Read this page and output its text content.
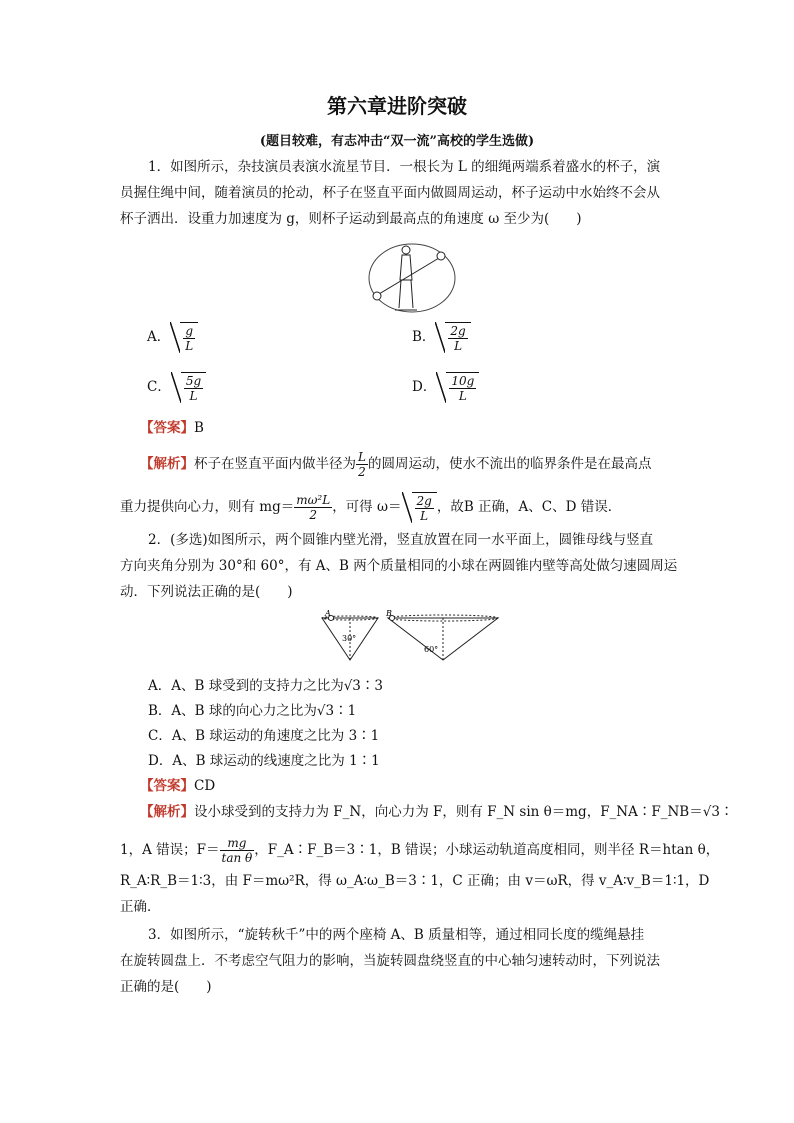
第六章进阶突破
(题目较难，有志冲击“双一流”高校的学生选做)
1．如图所示，杂技演员表演水流星节目．一根长为 L 的细绳两端系着盛水的杯子，演
员握住绳中间，随着演员的抡动，杯子在竖直平面内做圆周运动，杯子运动中水始终不会从
杯子洒出．设重力加速度为 g，则杯子运动到最高点的角速度 ω 至少为(　　)
A． $\frac{g}{L}$	B． $\frac{2g}{L}$
C． $\frac{5g}{L}$	D． $\frac{10g}{L}$
【答案】B
【解析】杯子在竖直平面内做半径为 $\frac{L}{2}$ 的圆周运动，使水不流出的临界条件是在最高点
重力提供向心力，则有 $mg= \frac{\text{mω²L}}{2}$ ，可得 $\omega= \frac{2g}{L}$ ，故B 正确，A、C、D 错误．
2．(多选)如图所示，两个圆锥内壁光滑，竖直放置在同一水平面上，圆锥母线与竖直
方向夹角分别为 30°和 60°，有 A、B 两个质量相同的小球在两圆锥内壁等高处做匀速圆周运
动．下列说法正确的是(　　)
A
30°
B
60°
A．A、B 球受到的支持力之比为√3∶3
B．A、B 球的向心力之比为√3∶1
C．A、B 球运动的角速度之比为 3∶1
D．A、B 球运动的线速度之比为 1∶1
【答案】CD
【解析】设小球受到的支持力为 F_N，向心力为 F，则有 F_N sin θ＝mg，F_NA∶F_NB＝√3∶
1，A 错误；$F= \frac{mg}{\text{tan θ}}$ ，F_A∶F_B＝3∶1，B 错误；小球运动轨道高度相同，则半径 R＝htan θ，
R_A∶R_B＝1∶3，由 F＝mω²R，得 ω_A∶ω_B＝3∶1，C 正确；由 v＝ωR，得 v_A∶v_B＝1∶1，D
正确．
3．如图所示，“旋转秋千”中的两个座椅 A、B 质量相等，通过相同长度的缆绳悬挂
在旋转圆盘上．不考虑空气阻力的影响，当旋转圆盘绕竖直的中心轴匀速转动时，下列说法
正确的是(　　)
